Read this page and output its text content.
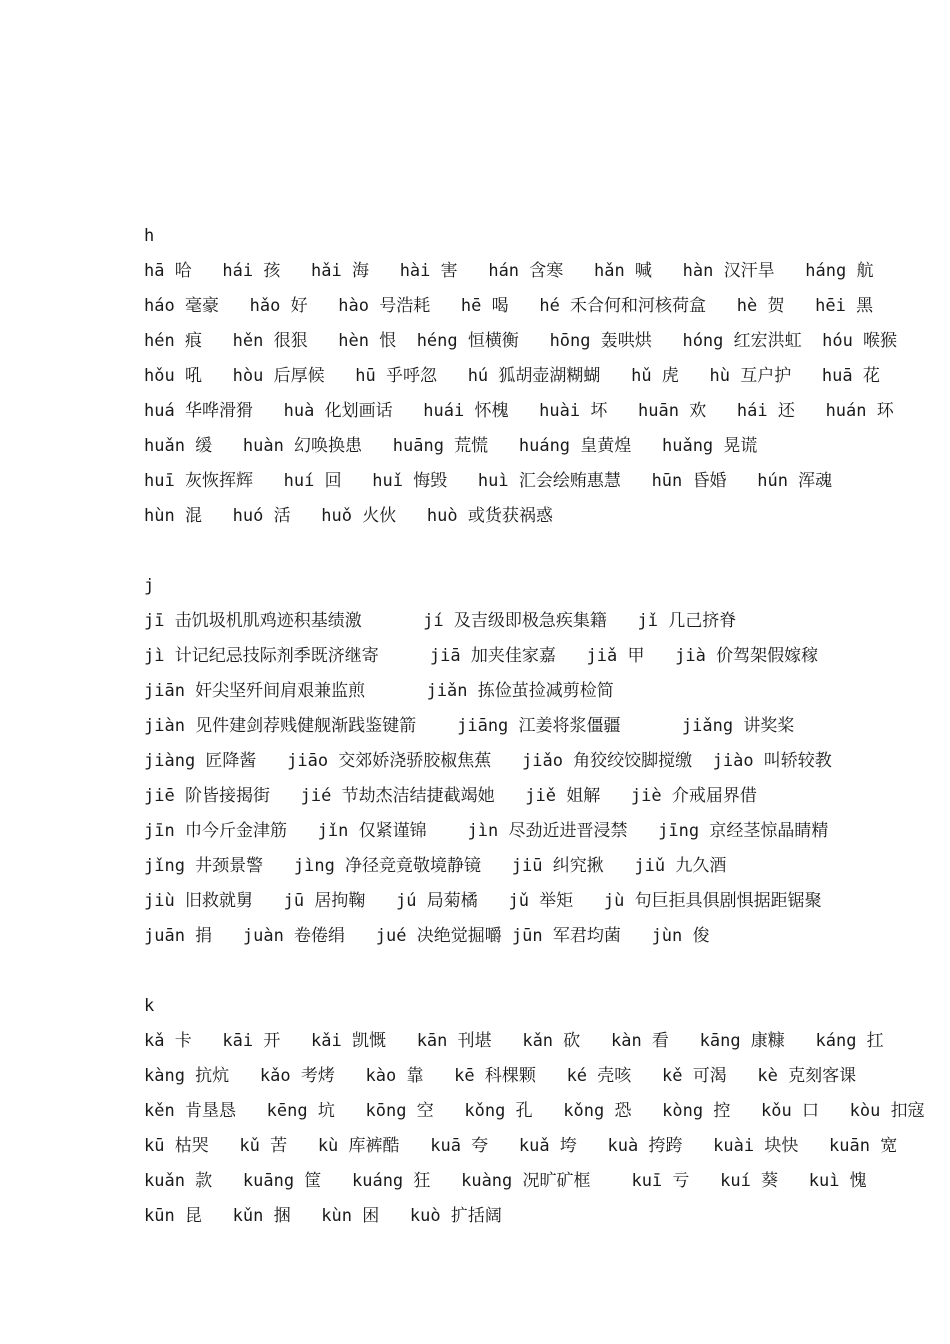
h
hā 哈   hái 孩   hǎi 海   hài 害   hán 含寒   hǎn 喊   hàn 汉汗旱   háng 航
háo 毫豪   hǎo 好   hào 号浩耗   hē 喝   hé 禾合何和河核荷盒   hè 贺   hēi 黑
hén 痕   hěn 很狠   hèn 恨  héng 恒横衡   hōng 轰哄烘   hóng 红宏洪虹  hóu 喉猴
hǒu 吼   hòu 后厚候   hū 乎呼忽   hú 狐胡壶湖糊蝴   hǔ 虎   hù 互户护   huā 花
huá 华哗滑猾   huà 化划画话   huái 怀槐   huài 坏   huān 欢   hái 还   huán 环
huǎn 缓   huàn 幻唤换患   huāng 荒慌   huáng 皇黄煌   huǎng 晃谎
huī 灰恢挥辉   huí 回   huǐ 悔毁   huì 汇会绘贿惠慧   hūn 昏婚   hún 浑魂
hùn 混   huó 活   huǒ 火伙   huò 或货获祸惑
j
jī 击饥圾机肌鸡迹积基绩激      jí 及吉级即极急疾集籍   jǐ 几己挤脊
jì 计记纪忌技际剂季既济继寄     jiā 加夹佳家嘉   jiǎ 甲   jià 价驾架假嫁稼
jiān 奸尖坚歼间肩艰兼监煎      jiǎn 拣俭茧捡减剪检简
jiàn 见件建剑荐贱健舰渐践鉴键箭    jiāng 江姜将浆僵疆      jiǎng 讲奖桨
jiàng 匠降酱   jiāo 交郊娇浇骄胶椒焦蕉   jiǎo 角狡绞饺脚搅缴  jiào 叫轿较教
jiē 阶皆接揭街   jié 节劫杰洁结捷截竭她   jiě 姐解   jiè 介戒届界借
jīn 巾今斤金津筋   jǐn 仅紧谨锦    jìn 尽劲近进晋浸禁   jīng 京经茎惊晶睛精
jǐng 井颈景警   jìng 净径竞竟敬境静镜   jiū 纠究揪   jiǔ 九久酒
jiù 旧救就舅   jū 居拘鞠   jú 局菊橘   jǔ 举矩   jù 句巨拒具俱剧惧据距锯聚
juān 捐   juàn 卷倦绢   jué 决绝觉掘嚼 jūn 军君均菌   jùn 俊
k
kǎ 卡   kāi 开   kǎi 凯慨   kān 刊堪   kǎn 砍   kàn 看   kāng 康糠   káng 扛
kàng 抗炕   kǎo 考烤   kào 靠   kē 科棵颗   ké 壳咳   kě 可渴   kè 克刻客课
kěn 肯垦恳   kēng 坑   kōng 空   kǒng 孔   kǒng 恐   kòng 控   kǒu 口   kòu 扣寇
kū 枯哭   kǔ 苦   kù 库裤酷   kuā 夸   kuǎ 垮   kuà 挎跨   kuài 块快   kuān 宽
kuǎn 款   kuāng 筐   kuáng 狂   kuàng 况旷矿框    kuī 亏   kuí 葵   kuì 愧
kūn 昆   kǔn 捆   kùn 困   kuò 扩括阔
